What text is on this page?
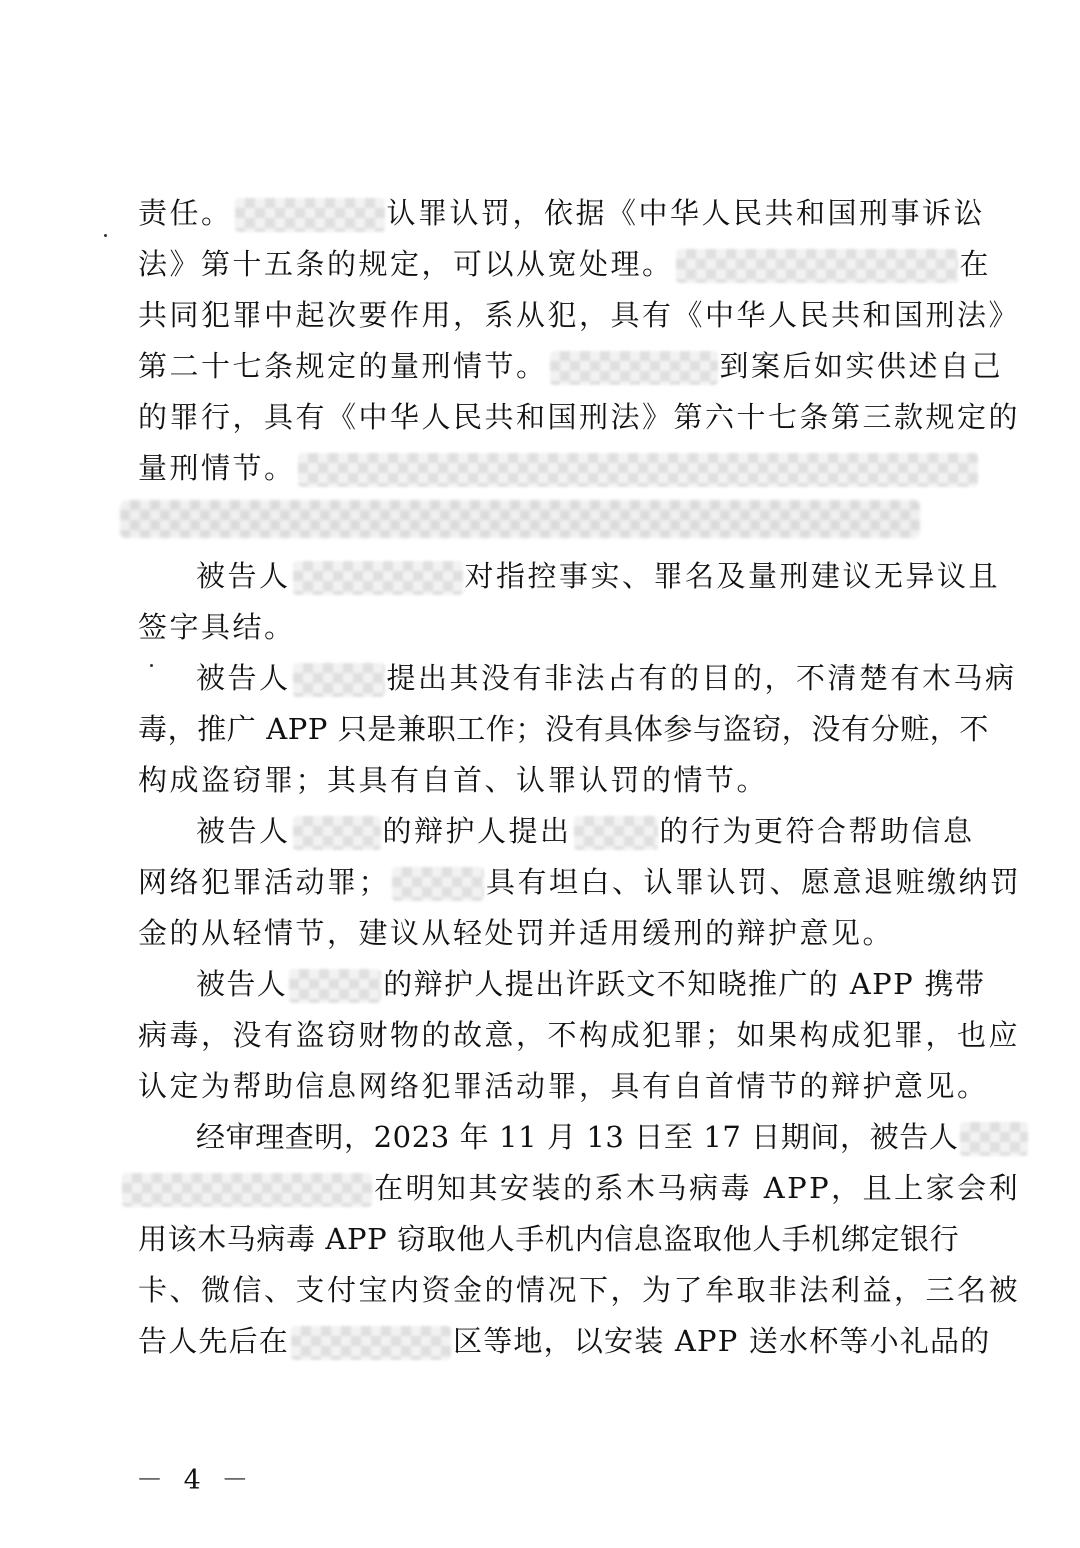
责任。	认罪认罚，依据《中华人民共和国刑事诉讼
法》第十五条的规定，可以从宽处理。	在
共同犯罪中起次要作用，系从犯，具有《中华人民共和国刑法》
第二十七条规定的量刑情节。	到案后如实供述自己
的罪行，具有《中华人民共和国刑法》第六十七条第三款规定的
量刑情节。
被告人	对指控事实、罪名及量刑建议无异议且
签字具结。
被告人	提出其没有非法占有的目的，不清楚有木马病
毒，推广 APP 只是兼职工作；没有具体参与盗窃，没有分赃，不
构成盗窃罪；其具有自首、认罪认罚的情节。
被告人	的辩护人提出	的行为更符合帮助信息
网络犯罪活动罪；	具有坦白、认罪认罚、愿意退赃缴纳罚
金的从轻情节，建议从轻处罚并适用缓刑的辩护意见。
被告人	的辩护人提出许跃文不知晓推广的 APP 携带
病毒，没有盗窃财物的故意，不构成犯罪；如果构成犯罪，也应
认定为帮助信息网络犯罪活动罪，具有自首情节的辩护意见。
经审理查明，2023 年 11 月 13 日至 17 日期间，被告人
在明知其安装的系木马病毒 APP，且上家会利
用该木马病毒 APP 窃取他人手机内信息盗取他人手机绑定银行
卡、微信、支付宝内资金的情况下，为了牟取非法利益，三名被
告人先后在	区等地，以安装 APP 送水杯等小礼品的
－ 4 －
